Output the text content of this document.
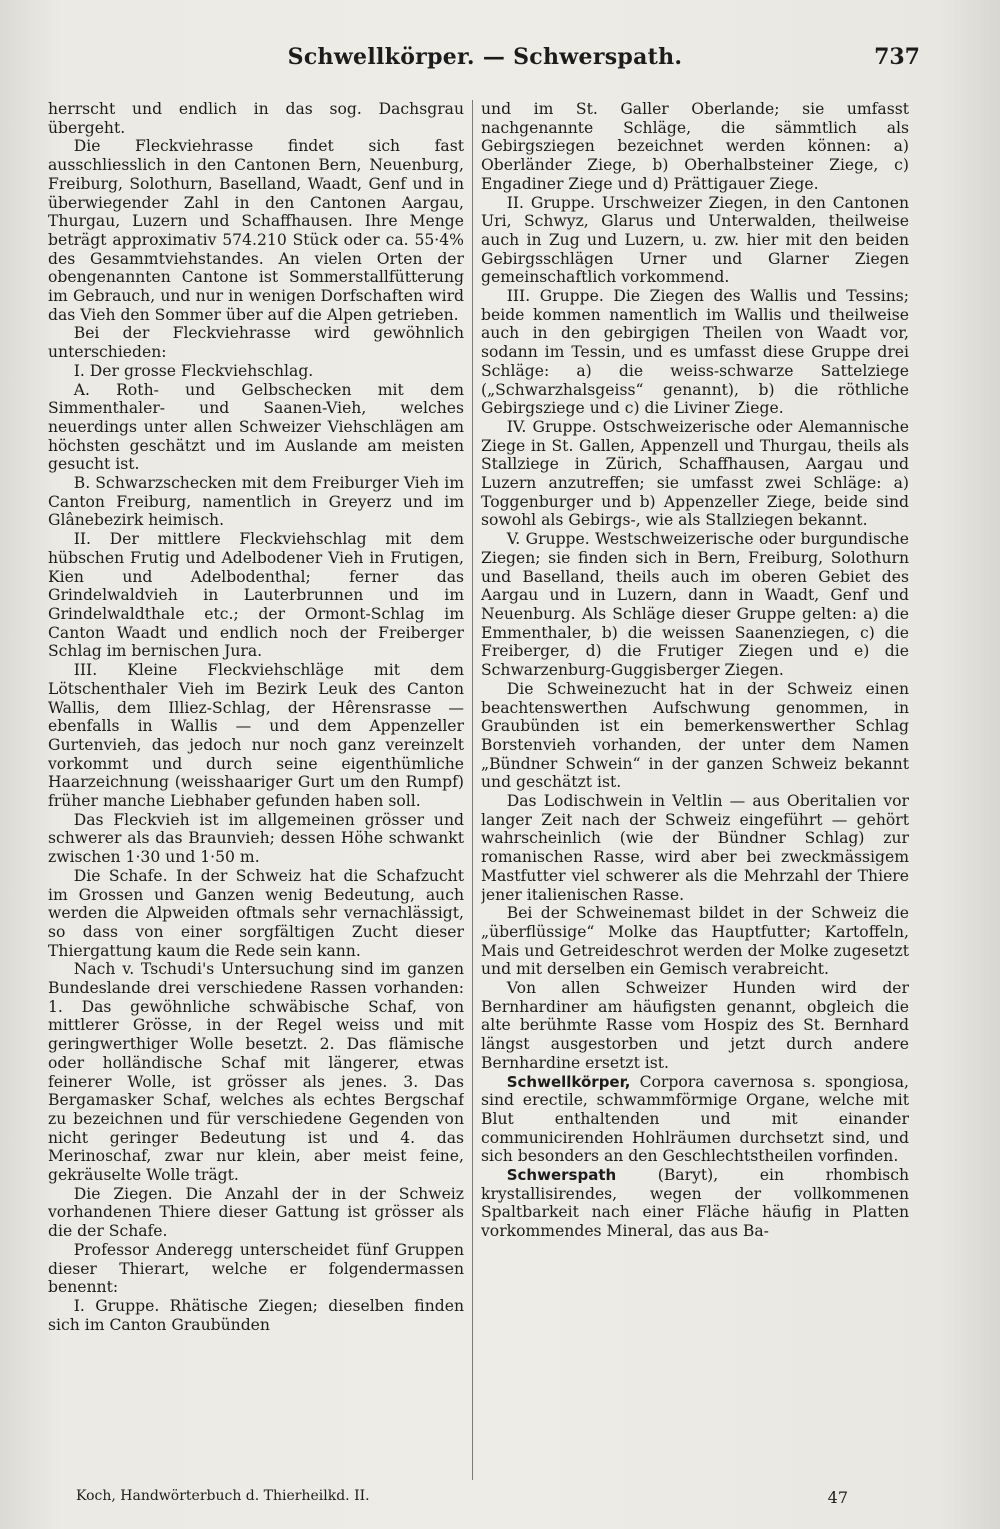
Schwellkörper. — Schwerspath.	737

herrscht und endlich in das sog. Dachsgrau übergeht.

Die Fleckviehrasse findet sich fast ausschliesslich in den Cantonen Bern, Neuenburg, Freiburg, Solothurn, Baselland, Waadt, Genf und in überwiegender Zahl in den Cantonen Aargau, Thurgau, Luzern und Schaffhausen. Ihre Menge beträgt approximativ 574.210 Stück oder ca. 55·4% des Gesammtviehstandes. An vielen Orten der obengenannten Cantone ist Sommerstallfütterung im Gebrauch, und nur in wenigen Dorfschaften wird das Vieh den Sommer über auf die Alpen getrieben.

Bei der Fleckviehrasse wird gewöhnlich unterschieden:

I. Der grosse Fleckviehschlag.

A. Roth- und Gelbschecken mit dem Simmenthaler- und Saanen-Vieh, welches neuerdings unter allen Schweizer Viehschlägen am höchsten geschätzt und im Auslande am meisten gesucht ist.

B. Schwarzschecken mit dem Freiburger Vieh im Canton Freiburg, namentlich in Greyerz und im Glânebezirk heimisch.

II. Der mittlere Fleckviehschlag mit dem hübschen Frutig und Adelbodener Vieh in Frutigen, Kien und Adelbodenthal; ferner das Grindelwaldvieh in Lauterbrunnen und im Grindelwaldthale etc.; der Ormont-Schlag im Canton Waadt und endlich noch der Freiberger Schlag im bernischen Jura.

III. Kleine Fleckviehschläge mit dem Lötschenthaler Vieh im Bezirk Leuk des Canton Wallis, dem Illiez-Schlag, der Hêrensrasse — ebenfalls in Wallis — und dem Appenzeller Gurtenvieh, das jedoch nur noch ganz vereinzelt vorkommt und durch seine eigenthümliche Haarzeichnung (weisshaariger Gurt um den Rumpf) früher manche Liebhaber gefunden haben soll.

Das Fleckvieh ist im allgemeinen grösser und schwerer als das Braunvieh; dessen Höhe schwankt zwischen 1·30 und 1·50 m.

Die Schafe. In der Schweiz hat die Schafzucht im Grossen und Ganzen wenig Bedeutung, auch werden die Alpweiden oftmals sehr vernachlässigt, so dass von einer sorgfältigen Zucht dieser Thiergattung kaum die Rede sein kann.

Nach v. Tschudi's Untersuchung sind im ganzen Bundeslande drei verschiedene Rassen vorhanden: 1. Das gewöhnliche schwäbische Schaf, von mittlerer Grösse, in der Regel weiss und mit geringwerthiger Wolle besetzt. 2. Das flämische oder holländische Schaf mit längerer, etwas feinerer Wolle, ist grösser als jenes. 3. Das Bergamasker Schaf, welches als echtes Bergschaf zu bezeichnen und für verschiedene Gegenden von nicht geringer Bedeutung ist und 4. das Merinoschaf, zwar nur klein, aber meist feine, gekräuselte Wolle trägt.

Die Ziegen. Die Anzahl der in der Schweiz vorhandenen Thiere dieser Gattung ist grösser als die der Schafe.

Professor Anderegg unterscheidet fünf Gruppen dieser Thierart, welche er folgendermassen benennt:

I. Gruppe. Rhätische Ziegen; dieselben finden sich im Canton Graubünden

und im St. Galler Oberlande; sie umfasst nachgenannte Schläge, die sämmtlich als Gebirgsziegen bezeichnet werden können: a) Oberländer Ziege, b) Oberhalbsteiner Ziege, c) Engadiner Ziege und d) Prättigauer Ziege.

II. Gruppe. Urschweizer Ziegen, in den Cantonen Uri, Schwyz, Glarus und Unterwalden, theilweise auch in Zug und Luzern, u. zw. hier mit den beiden Gebirgsschlägen Urner und Glarner Ziegen gemeinschaftlich vorkommend.

III. Gruppe. Die Ziegen des Wallis und Tessins; beide kommen namentlich im Wallis und theilweise auch in den gebirgigen Theilen von Waadt vor, sodann im Tessin, und es umfasst diese Gruppe drei Schläge: a) die weiss-schwarze Sattelziege („Schwarzhalsgeiss“ genannt), b) die röthliche Gebirgsziege und c) die Liviner Ziege.

IV. Gruppe. Ostschweizerische oder Alemannische Ziege in St. Gallen, Appenzell und Thurgau, theils als Stallziege in Zürich, Schaffhausen, Aargau und Luzern anzutreffen; sie umfasst zwei Schläge: a) Toggenburger und b) Appenzeller Ziege, beide sind sowohl als Gebirgs-, wie als Stallziegen bekannt.

V. Gruppe. Westschweizerische oder burgundische Ziegen; sie finden sich in Bern, Freiburg, Solothurn und Baselland, theils auch im oberen Gebiet des Aargau und in Luzern, dann in Waadt, Genf und Neuenburg. Als Schläge dieser Gruppe gelten: a) die Emmenthaler, b) die weissen Saanenziegen, c) die Freiberger, d) die Frutiger Ziegen und e) die Schwarzenburg-Guggisberger Ziegen.

Die Schweinezucht hat in der Schweiz einen beachtenswerthen Aufschwung genommen, in Graubünden ist ein bemerkenswerther Schlag Borstenvieh vorhanden, der unter dem Namen „Bündner Schwein“ in der ganzen Schweiz bekannt und geschätzt ist.

Das Lodischwein in Veltlin — aus Oberitalien vor langer Zeit nach der Schweiz eingeführt — gehört wahrscheinlich (wie der Bündner Schlag) zur romanischen Rasse, wird aber bei zweckmässigem Mastfutter viel schwerer als die Mehrzahl der Thiere jener italienischen Rasse.

Bei der Schweinemast bildet in der Schweiz die „überflüssige“ Molke das Hauptfutter; Kartoffeln, Mais und Getreideschrot werden der Molke zugesetzt und mit derselben ein Gemisch verabreicht.

Von allen Schweizer Hunden wird der Bernhardiner am häufigsten genannt, obgleich die alte berühmte Rasse vom Hospiz des St. Bernhard längst ausgestorben und jetzt durch andere Bernhardine ersetzt ist.

Schwellkörper, Corpora cavernosa s. spongiosa, sind erectile, schwammförmige Organe, welche mit Blut enthaltenden und mit einander communicirenden Hohlräumen durchsetzt sind, und sich besonders an den Geschlechtstheilen vorfinden.

Schwerspath (Baryt), ein rhombisch krystallisirendes, wegen der vollkommenen Spaltbarkeit nach einer Fläche häufig in Platten vorkommendes Mineral, das aus Ba-

Koch, Handwörterbuch d. Thierheilkd. II.	47
